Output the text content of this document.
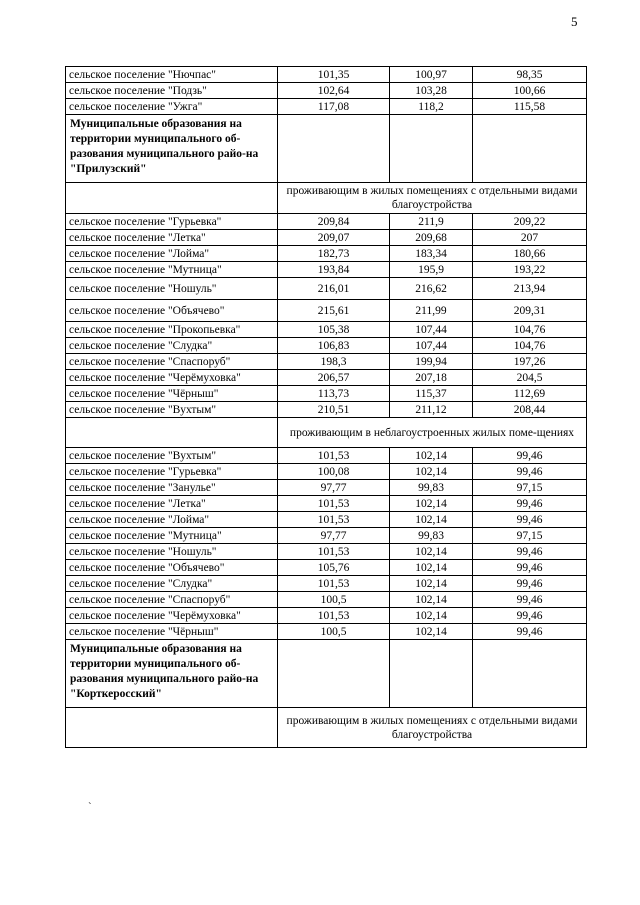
5
сельское поселение "Нючпас"	101,35	100,97	98,35
сельское поселение "Подзь"	102,64	103,28	100,66
сельское поселение "Ужга"	117,08	118,2	115,58
Муниципальные образования на территории муниципального об-разования муниципального райо-на "Прилузский"			
	проживающим в жилых помещениях с отдельными видами благоустройства		
сельское поселение "Гурьевка"	209,84	211,9	209,22
сельское поселение "Летка"	209,07	209,68	207
сельское поселение "Лойма"	182,73	183,34	180,66
сельское поселение "Мутница"	193,84	195,9	193,22
сельское поселение "Ношуль"	216,01	216,62	213,94
сельское поселение "Объячево"	215,61	211,99	209,31
сельское поселение "Прокопьевка"	105,38	107,44	104,76
сельское поселение "Слудка"	106,83	107,44	104,76
сельское поселение "Спаспоруб"	198,3	199,94	197,26
сельское поселение "Черёмуховка"	206,57	207,18	204,5
сельское поселение "Чёрныш"	113,73	115,37	112,69
сельское поселение "Вухтым"	210,51	211,12	208,44
	проживающим в неблагоустроенных жилых поме-щениях		
сельское поселение "Вухтым"	101,53	102,14	99,46
сельское поселение "Гурьевка"	100,08	102,14	99,46
сельское поселение "Занулье"	97,77	99,83	97,15
сельское поселение "Летка"	101,53	102,14	99,46
сельское поселение "Лойма"	101,53	102,14	99,46
сельское поселение "Мутница"	97,77	99,83	97,15
сельское поселение "Ношуль"	101,53	102,14	99,46
сельское поселение "Объячево"	105,76	102,14	99,46
сельское поселение "Слудка"	101,53	102,14	99,46
сельское поселение "Спаспоруб"	100,5	102,14	99,46
сельское поселение "Черёмуховка"	101,53	102,14	99,46
сельское поселение "Чёрныш"	100,5	102,14	99,46
Муниципальные образования на территории муниципального об-разования муниципального райо-на "Корткеросский"			
	проживающим в жилых помещениях с отдельными видами благоустройства		
`
